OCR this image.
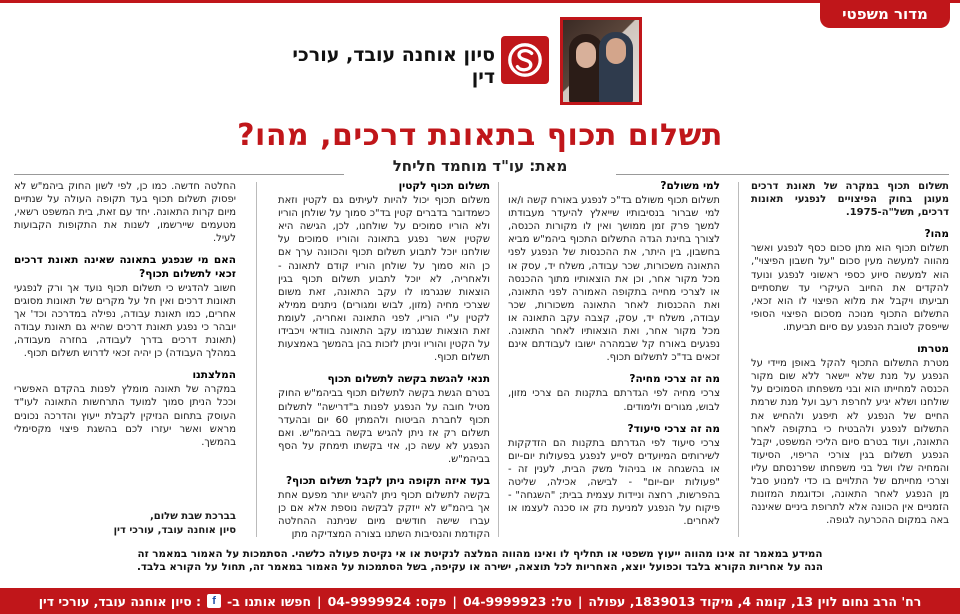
מדור משפטי
סיון אוחנה עובד, עורכי דין
תשלום תכוף בתאונת דרכים, מהו?
מאת: עו"ד מוחמד חליחל

תשלום תכוף במקרה של תאונת דרכים מעוגן בחוק הפיצויים לנפגעי תאונות דרכים, תשל"ה-1975.

מהו?

תשלום תכוף הוא מתן סכום כסף לנפגע ואשר מהווה למעשה מעין סכום "על חשבון הפיצוי", הוא למעשה סיוע כספי ראשוני לנפגע ונועד להקדים את החיוב העיקרי עד שתסתיים תביעתו ויקבל את מלוא הפיצוי לו הוא זכאי, התשלום התכוף מנוכה מסכום הפיצוי הסופי שייפסק לטובת הנפגע עם סיום תביעתו.

מטרתו

מטרת התשלום התכוף להקל באופן מיידי על הנפגע על מנת שלא יישאר ללא שום מקור הכנסה למחייתו הוא ובני משפחתו הסמוכים על שולחנו ושלא יגיע לחרפת רעב ועל מנת שרמת החיים של הנפגע לא תיפגע ולהחיש את התשלום לנפגע ולהבטיח כי בתקופה לאחר התאונה, ועוד בטרם סיום הליכי המשפט, יקבל הנפגע תשלום בגין צורכי הריפוי, הסיעוד והמחיה שלו ושל בני משפחתו שפרנסתם עליו וצרכי מחייתם של התלויים בו כדי למנוע סבל מן הנפגע לאחר התאונה, וכדוגמת המזונות הזמניים אין הכוונה אלא לתרופת ביניים שאיננה באה במקום ההכרעה לגופה.

למי משולם?

תשלום תכוף משולם בד"כ לנפגע באורח קשה ו/או למי שברור בנסיבותיו שייאלץ להיעדר מעבודתו למשך פרק זמן ממושך ואין לו מקורות הכנסה, לצורך בחינת הגדה התשלום התכוף ביהמ"ש מביא בחשבון, בין היתר, את ההכנסות של הנפגע לפני התאונה משכורות, שכר עבודה, משלח יד, עסק או מכל מקור אחר, וכן את הוצאותיו מתוך ההכנסה או לצרכי מחייה בתקופה האמורה לפני התאונה, ואת ההכנסות לאחר התאונה משכורות, שכר עבודה, משלח יד, עסק, קצבה עקב התאונה או מכל מקור אחר, ואת הוצאותיו לאחר התאונה. נפגעים באורח קל שבמהרה ישובו לעבודתם אינם זכאים בד"כ לתשלום תכוף.

מה זה צרכי מחיה?

צרכי מחיה לפי הגדרתם בתקנות הם צרכי מזון, לבוש, מגורים ולימודים.

מה זה צרכי סיעוד?

צרכי סיעוד לפי הגדרתם בתקנות הם הזדקקות לשירותים המיועדים לסייע לנפגע בפעולות יום-יום או בהשגחה או בניהול משק הבית, לענין זה - "פעולות יום-יום" - לבישה, אכילה, שליטה בהפרשות, רחצה וניידות עצמית בבית; "השגחה" - פיקוח על הנפגע למניעת נזק או סכנה לעצמו או לאחרים.

תשלום תכוף לקטין

משלום תכוף יכול להיות לעיתים גם לקטין וזאת כשמדובר בדברים קטין בד"כ סמוך על שולחן הוריו ולא הוריו סמוכים על שולחנו, לכן, הגישה היא שקטין אשר נפגע בתאונה והוריו סמוכים על שולחנו יוכל לתבוע תשלום תכוף והכוונה ערך אם כן הוא סמוך על שולחן הוריו קודם לתאונה - ולאחריה, לא יוכל לתבוע תשלום תכוף בגין הוצאות שנגרמו לו עקב התאונה, זאת משום שצרכי מחיה (מזון, לבוש ומגורים) ניתנים ממילא לקטין ע"י הוריו, לפני התאונה ואחריה, לעומת זאת הוצאות שנגרמו עקב התאונה בוודאי ויכבידו על הקטין והוריו וניתן לזכות בהן בהמשך באמצעות תשלום תכוף.

תנאי להגשת בקשה לתשלום תכוף

בטרם הגשת בקשה לתשלום תכוף בביהמ"ש החוק מטיל חובה על הנפגע לפנות ב"דרישה" לתשלום תכוף לחברת הביטוח ולהמתין 60 יום ובהעדר תשלום רק אז ניתן להגיש בקשה בביהמ"ש. ואם הנפגע לא עשה כן, אזי בקשתו תימחק על הסף בביהמ"ש.

בעד איזה תקופה ניתן לקבל תשלום תכוף?

בקשה לתשלום תכוף ניתן להגיש יותר מפעם אחת אך ביהמ"ש לא ייזקק לבקשה נוספת אלא אם כן עברו שישה חודשים מיום שניתנה ההחלטה הקודמת והנסיבות השתנו בצורה המצדיקה מתן

החלטה חדשה. כמו כן, לפי לשון החוק ביהמ"ש לא יפסוק תשלום תכוף בעד תקופה העולה על שנתיים מיום קרות התאונה. יחד עם זאת, בית המשפט רשאי, מטעמים שיירשמו, לשנות את התקופות הקבועות לעיל.

האם מי שנפגע בתאונה שאינה תאונת דרכים זכאי לתשלום תכוף?

חשוב להדגיש כי תשלום תכוף נועד אך ורק לנפגעי תאונות דרכים ואין חל על מקרים של תאונות מסוגים אחרים, כמו תאונת עבודה, נפילה במדרכה וכד' אך יובהר כי נפגע תאונת דרכים שהיא גם תאונת עבודה (תאונת דרכים בדרך לעבודה, בחזרה מעבודה, במהלך העבודה) כן יהיה זכאי לדרוש תשלום תכוף.

המלצתנו

במקרה של תאונה מומלץ לפנות בהקדם האפשרי וככל הניתן סמוך למועד התרחשות התאונה לעו"ד העוסק בתחום הנזיקין לקבלת ייעוץ והדרכה נכונים מראש ואשר יעזרו לכם בהשגת פיצוי מקסימלי בהמשך.

בברכת שבת שלום,
סיון אוחנה עובד, עורכי דין
המידע במאמר זה אינו מהווה ייעוץ משפטי או תחליף לו ואינו מהווה המלצה לנקיטת או אי נקיטת פעולה כלשהי. הסתמכות על האמור במאמר זה
הנה על אחריות הקורא בלבד וכפועל יוצא, האחריות לכל תוצאה, ישירה או עקיפה, בשל הסתמכות על האמור במאמר זה, תחול על הקורא בלבד.
רח' הרב נחום לוין 13, קומה 4, מיקוד 1839013, עפולה
|
טל: 04-9999923
|
פקס: 04-9999924
|
חפשו אותנו ב-
f
: סיון אוחנה עובד, עורכי דין
